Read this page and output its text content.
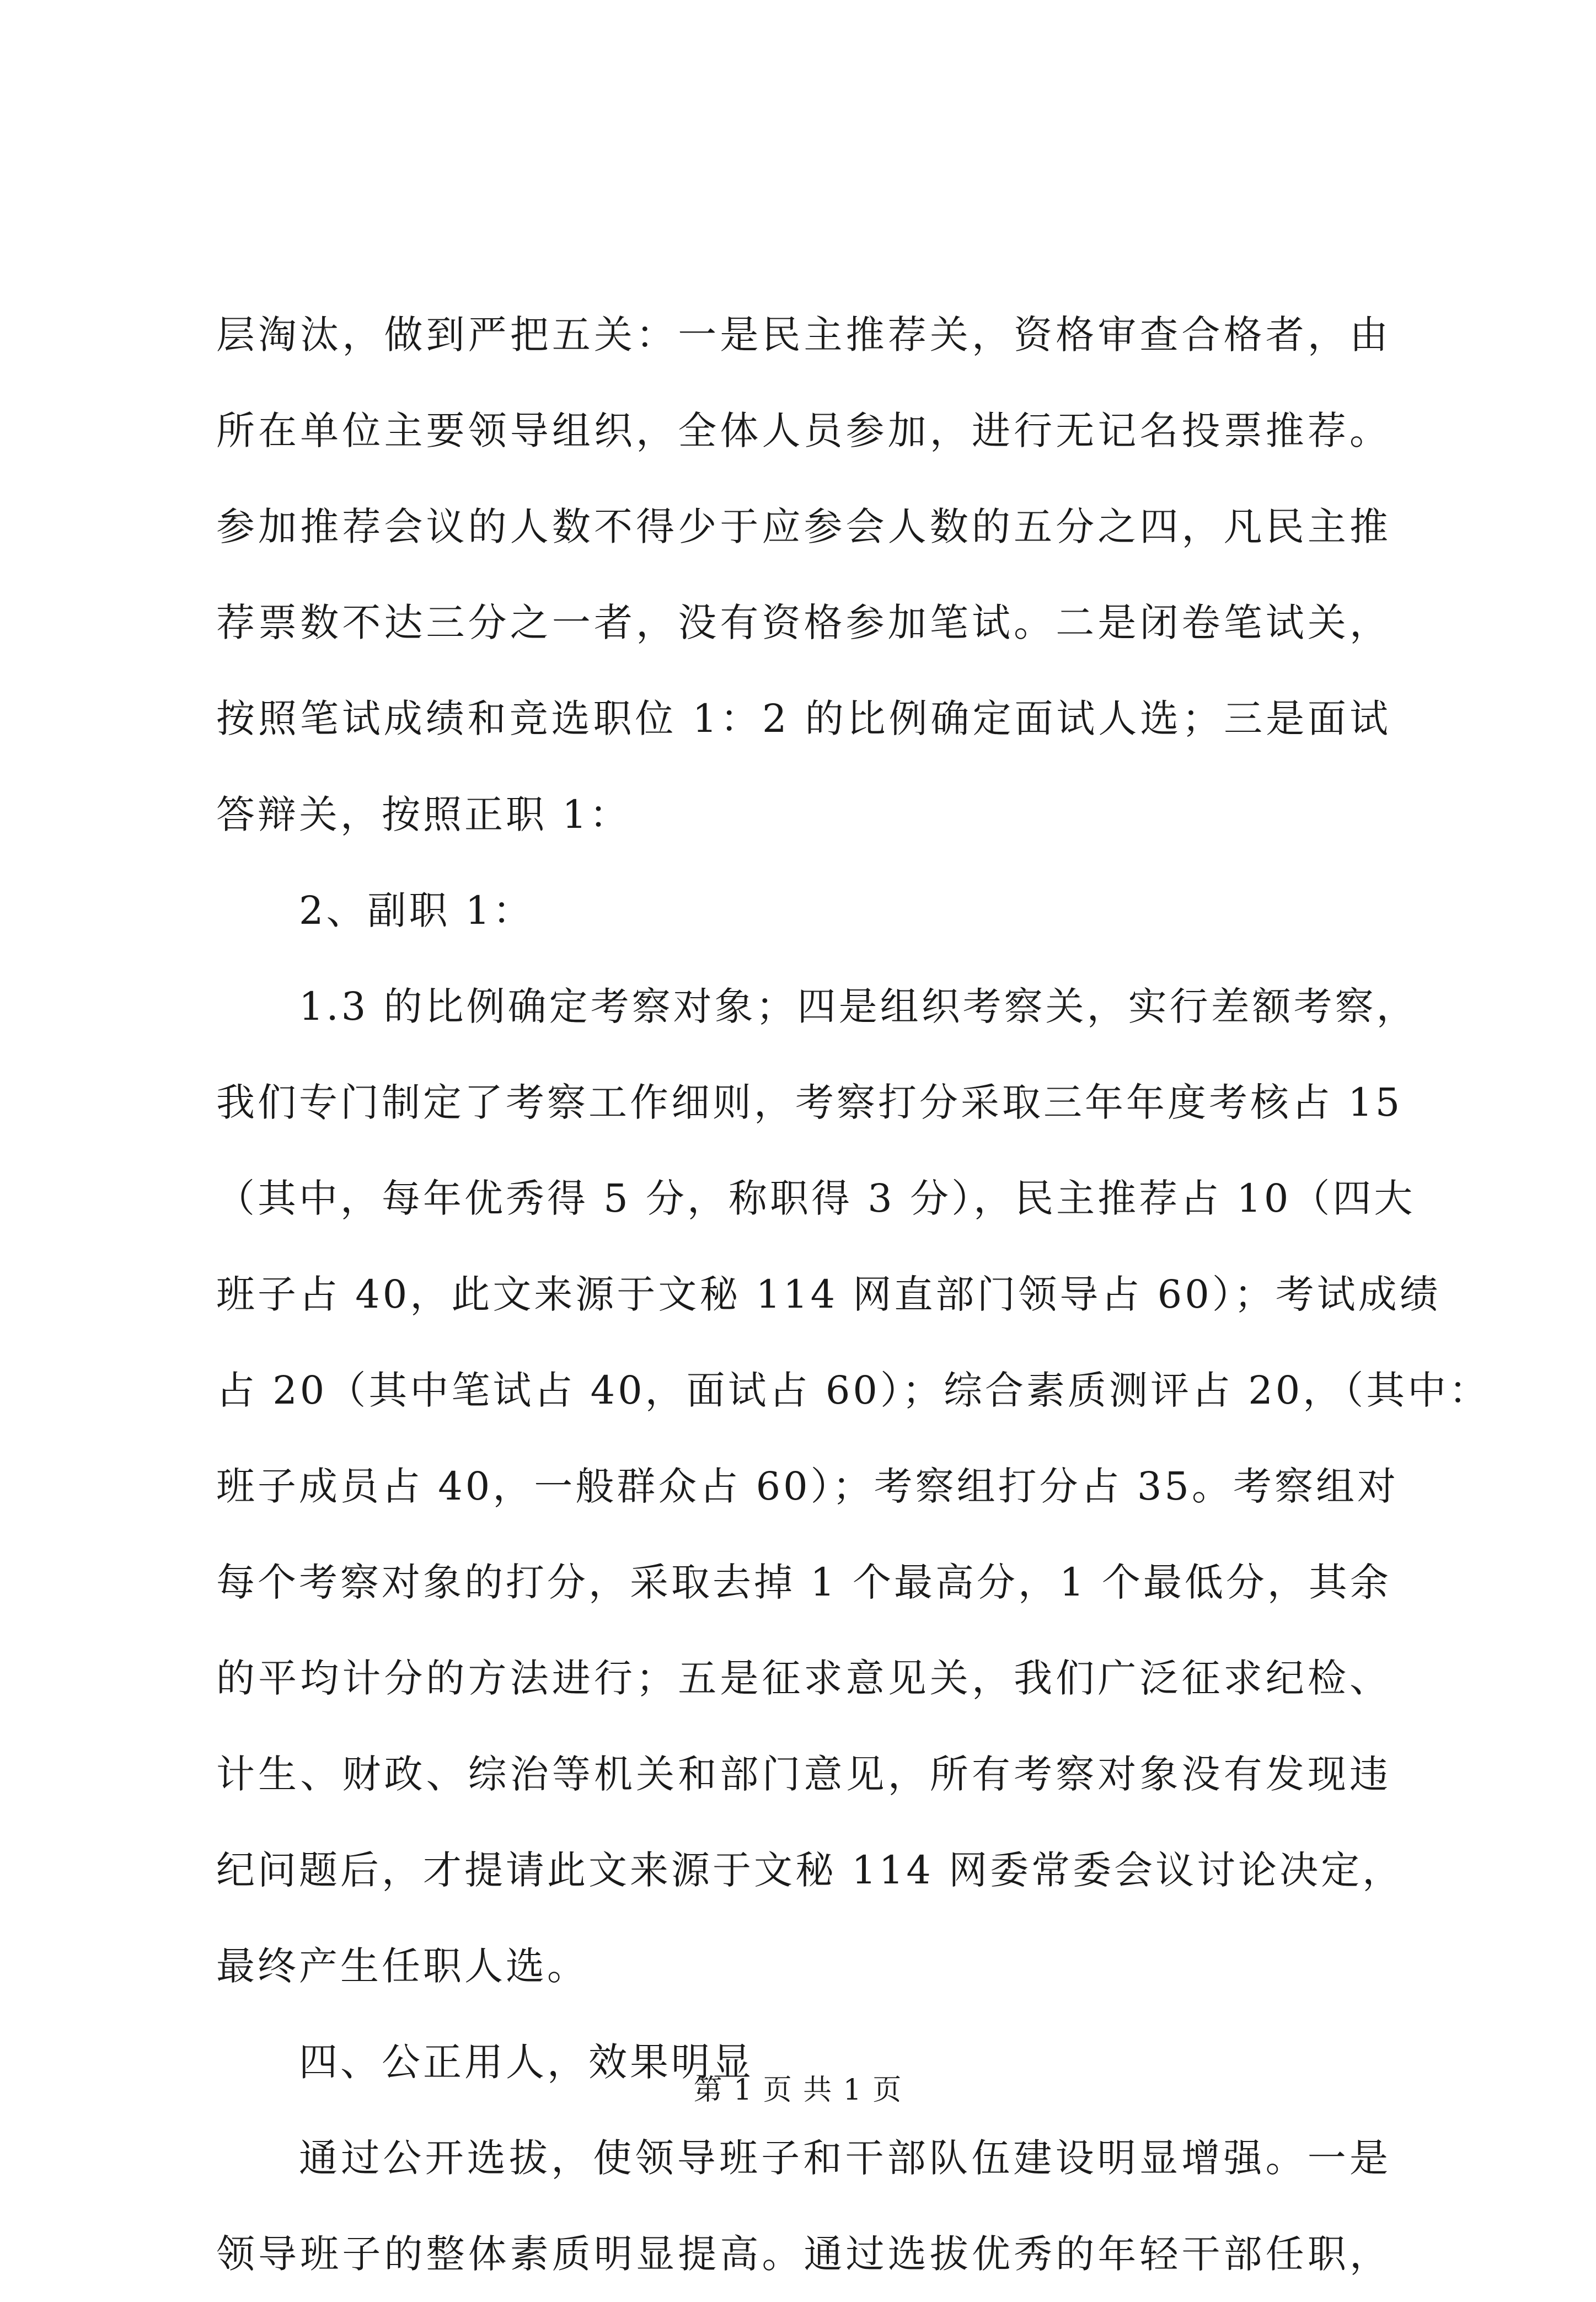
层淘汰，做到严把五关：一是民主推荐关，资格审查合格者，由
所在单位主要领导组织，全体人员参加，进行无记名投票推荐。
参加推荐会议的人数不得少于应参会人数的五分之四，凡民主推
荐票数不达三分之一者，没有资格参加笔试。二是闭卷笔试关，
按照笔试成绩和竞选职位 1：2 的比例确定面试人选；三是面试
答辩关，按照正职 1：
2、副职 1：
1.3 的比例确定考察对象；四是组织考察关，实行差额考察，
我们专门制定了考察工作细则，考察打分采取三年年度考核占 15
（其中，每年优秀得 5 分，称职得 3 分），民主推荐占 10（四大
班子占 40，此文来源于文秘 114 网直部门领导占 60）；考试成绩
占 20（其中笔试占 40，面试占 60）；综合素质测评占 20，（其中：
班子成员占 40，一般群众占 60）；考察组打分占 35。考察组对
每个考察对象的打分，采取去掉 1 个最高分，1 个最低分，其余
的平均计分的方法进行；五是征求意见关，我们广泛征求纪检、
计生、财政、综治等机关和部门意见，所有考察对象没有发现违
纪问题后，才提请此文来源于文秘 114 网委常委会议讨论决定，
最终产生任职人选。
四、公正用人，效果明显
通过公开选拔，使领导班子和干部队伍建设明显增强。一是
领导班子的整体素质明显提高。通过选拔优秀的年轻干部任职，
第 1 页 共 1 页
